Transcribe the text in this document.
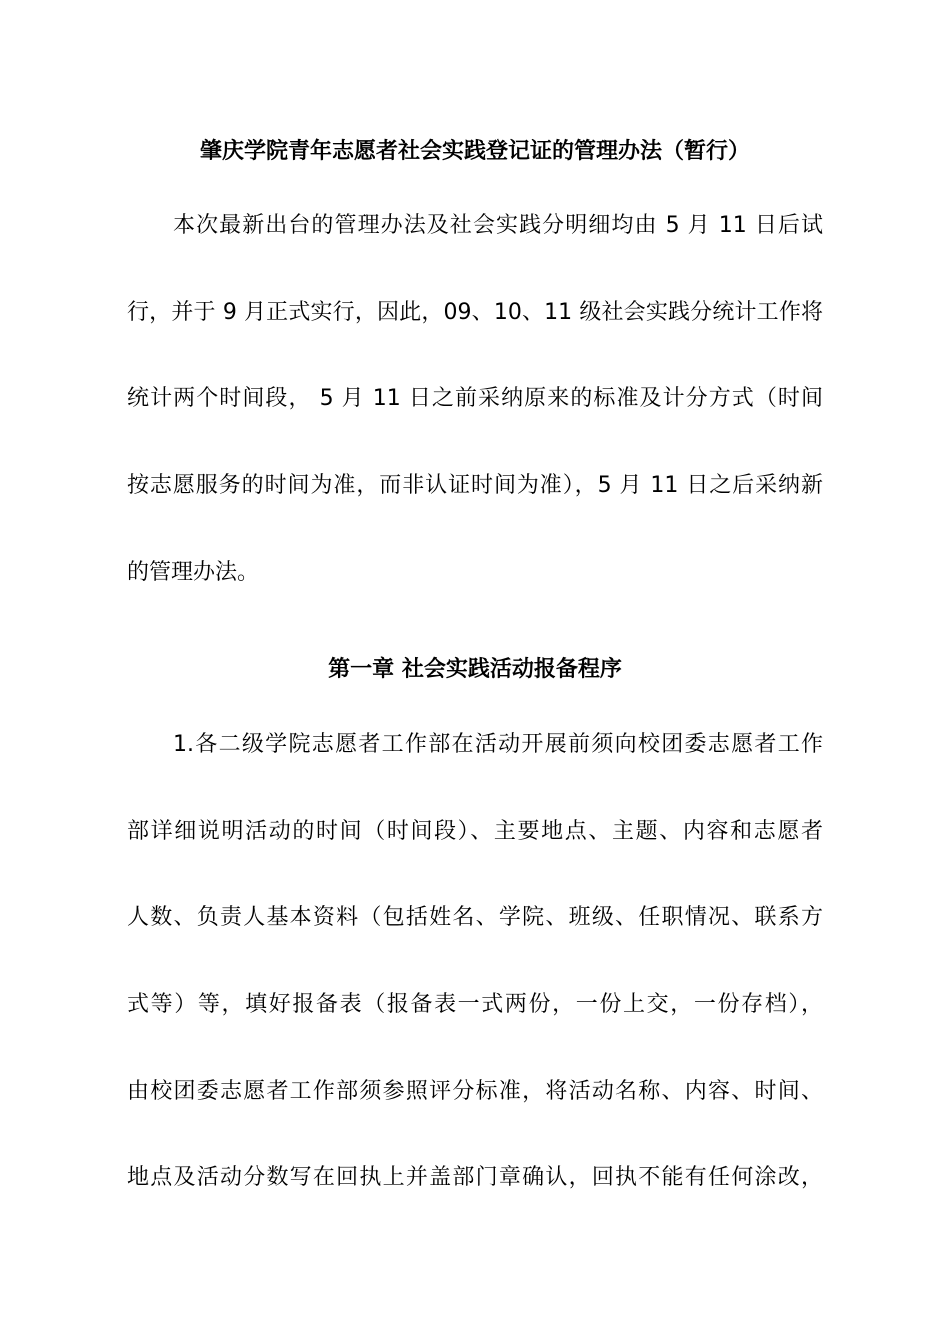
肇庆学院青年志愿者社会实践登记证的管理办法（暂行）
本次最新出台的管理办法及社会实践分明细均由 5 月 11 日后试
行，并于 9 月正式实行，因此，09、10、11 级社会实践分统计工作将
统计两个时间段， 5 月 11 日之前采纳原来的标准及计分方式（时间
按志愿服务的时间为准，而非认证时间为准），5 月 11 日之后采纳新
的管理办法。
第一章 社会实践活动报备程序
1.各二级学院志愿者工作部在活动开展前须向校团委志愿者工作
部详细说明活动的时间（时间段）、主要地点、主题、内容和志愿者
人数、负责人基本资料（包括姓名、学院、班级、任职情况、联系方
式等）等，填好报备表（报备表一式两份，一份上交，一份存档），
由校团委志愿者工作部须参照评分标准，将活动名称、内容、时间、
地点及活动分数写在回执上并盖部门章确认，回执不能有任何涂改，
